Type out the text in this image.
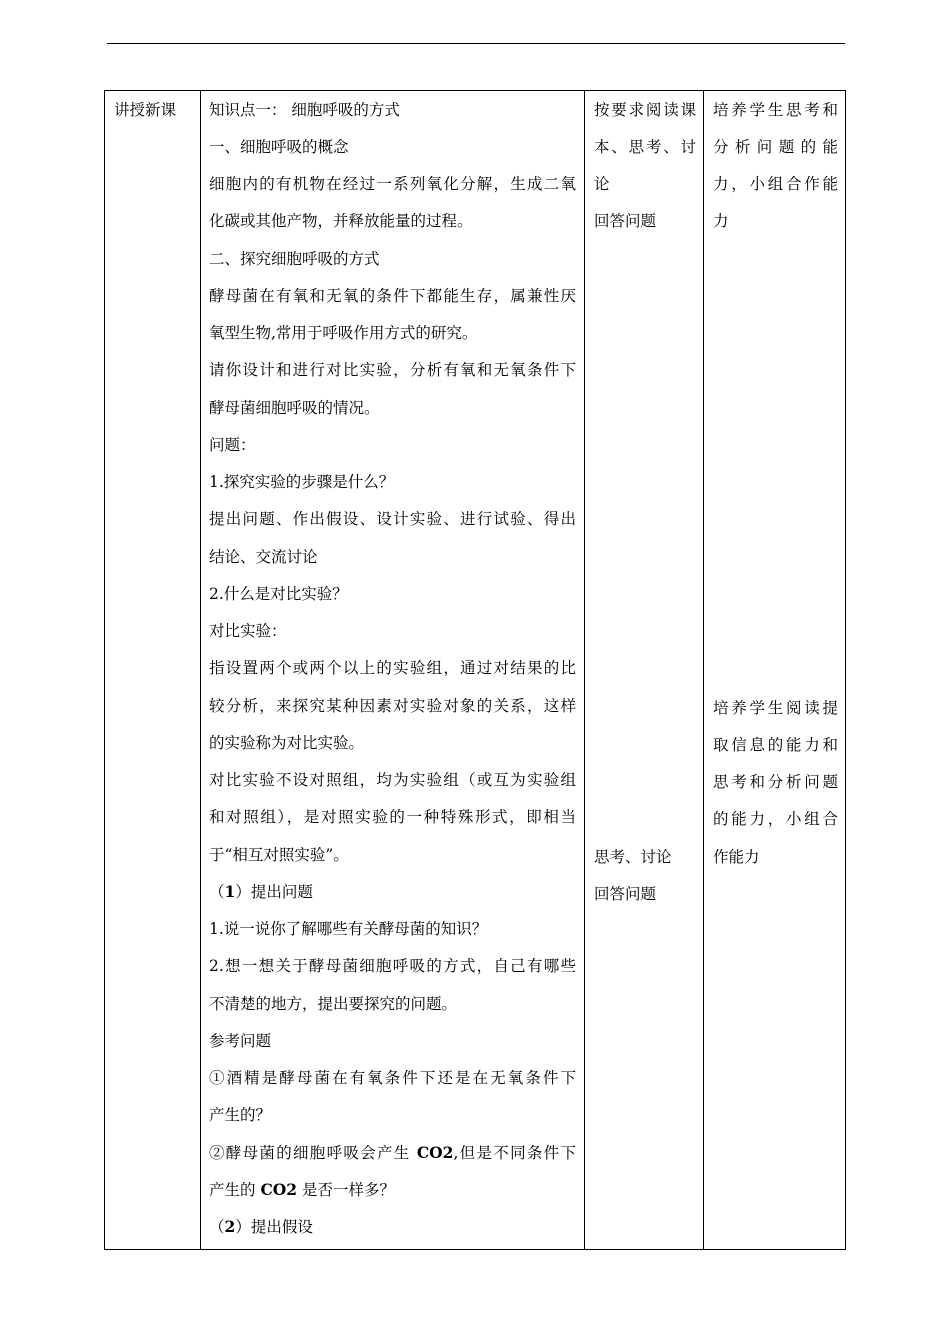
讲授新课 知识点一： 细胞呼吸的方式
一、细胞呼吸的概念
细胞内的有机物在经过一系列氧化分解，生成二氧
化碳或其他产物，并释放能量的过程。
二、探究细胞呼吸的方式
酵母菌在有氧和无氧的条件下都能生存，属兼性厌
氧型生物,常用于呼吸作用方式的研究。
请你设计和进行对比实验，分析有氧和无氧条件下
酵母菌细胞呼吸的情况。
问题：
1.探究实验的步骤是什么？
提出问题、作出假设、设计实验、进行试验、得出
结论、交流讨论
2.什么是对比实验？
对比实验：
指设置两个或两个以上的实验组，通过对结果的比
较分析，来探究某种因素对实验对象的关系，这样
的实验称为对比实验。
对比实验不设对照组，均为实验组（或互为实验组
和对照组），是对照实验的一种特殊形式，即相当
于“相互对照实验”。
（1）提出问题
1.说一说你了解哪些有关酵母菌的知识？
2.想一想关于酵母菌细胞呼吸的方式，自己有哪些
不清楚的地方，提出要探究的问题。
参考问题
①酒精是酵母菌在有氧条件下还是在无氧条件下
产生的？
②酵母菌的细胞呼吸会产生 CO2,但是不同条件下
产生的 CO2 是否一样多？
（2）提出假设
按要求阅读课
本、思考、讨
论
回答问题
思考、讨论
回答问题
培养学生思考和
分析问题的能
力，小组合作能
力
培养学生阅读提
取信息的能力和
思考和分析问题
的能力，小组合
作能力
